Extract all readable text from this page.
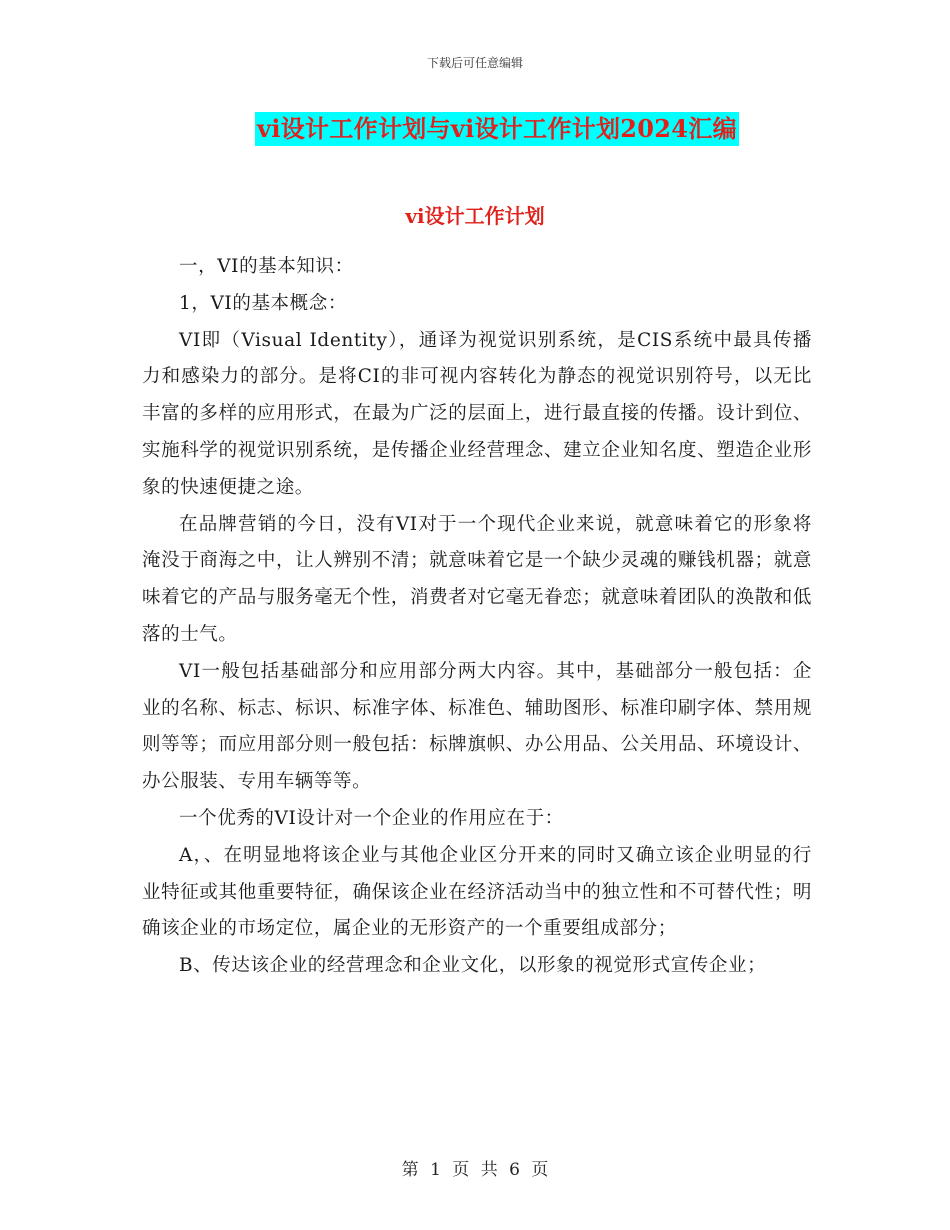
下载后可任意编辑
vi设计工作计划与vi设计工作计划2024汇编
vi设计工作计划

一，VI的基本知识：

1，VI的基本概念：

VI即（Visual Identity），通译为视觉识别系统，是CIS系统中最具传播力和感染力的部分。是将CI的非可视内容转化为静态的视觉识别符号，以无比丰富的多样的应用形式，在最为广泛的层面上，进行最直接的传播。设计到位、实施科学的视觉识别系统，是传播企业经营理念、建立企业知名度、塑造企业形象的快速便捷之途。

在品牌营销的今日，没有VI对于一个现代企业来说，就意味着它的形象将淹没于商海之中，让人辨别不清；就意味着它是一个缺少灵魂的赚钱机器；就意味着它的产品与服务毫无个性，消费者对它毫无眷恋；就意味着团队的涣散和低落的士气。

VI一般包括基础部分和应用部分两大内容。其中，基础部分一般包括：企业的名称、标志、标识、标准字体、标准色、辅助图形、标准印刷字体、禁用规则等等；而应用部分则一般包括：标牌旗帜、办公用品、公关用品、环境设计、办公服装、专用车辆等等。

一个优秀的VI设计对一个企业的作用应在于：

A，、在明显地将该企业与其他企业区分开来的同时又确立该企业明显的行业特征或其他重要特征，确保该企业在经济活动当中的独立性和不可替代性；明确该企业的市场定位，属企业的无形资产的一个重要组成部分；

B、传达该企业的经营理念和企业文化，以形象的视觉形式宣传企业；

第 1 页 共 6 页
